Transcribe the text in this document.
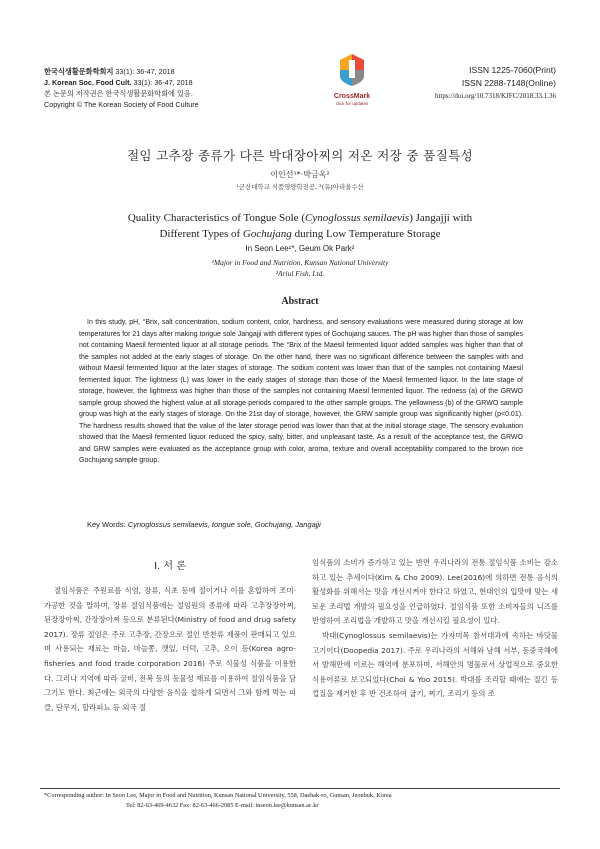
한국식생활문화학회지 33(1): 36-47, 2018
J. Korean Soc. Food Cult. 33(1): 36-47, 2018
본 논문의 저작권은 한국식생활문화학회에 있음.
Copyright © The Korean Society of Food Culture
CrossMark
click for updates
ISSN 1225-7060(Print)
ISSN 2288-7148(Online)
https://doi.org/10.7318/KJFC/2018.33.1.36
절임 고추장 종류가 다른 박대장아찌의 저온 저장 중 품질특성
이인선¹*·박금옥²
¹군산대학교 식품영양학전공, ²(유)아리울수산
Quality Characteristics of Tongue Sole (Cynoglossus semilaevis) Jangajji with
Different Types of Gochujang during Low Temperature Storage
In Seon Lee¹*, Geum Ok Park²
¹Major in Food and Nutrition, Kunsan National University
²Ariul Fish, Ltd.
Abstract
In this study, pH, °Brix, salt concentration, sodium content, color, hardness, and sensory evaluations were measured during storage at low temperatures for 21 days after making tongue sole Jangajji with different types of Gochujang sauces. The pH was higher than those of samples not containing Maesil fermented liquor at all storage periods. The °Brix of the Maesil fermented liquor added samples was higher than that of the samples not added at the early stages of storage. On the other hand, there was no significant difference between the samples with and without Maesil fermented liquor at the later stages of storage. The sodium content was lower than that of the samples not containing Maesil fermented liquor. The lightness (L) was lower in the early stages of storage than those of the Maesil fermented liquor. In the late stage of storage, however, the lightness was higher than those of the samples not containing Maesil fermented liquor. The redness (a) of the GRWO sample group showed the highest value at all storage periods compared to the other sample groups. The yellowness (b) of the GRWO sample group was high at the early stages of storage. On the 21st day of storage, however, the GRW sample group was significantly higher (p<0.01). The hardness results showed that the value of the later storage period was lower than that at the initial storage stage. The sensory evaluation showed that the Maesil fermented liquor reduced the spicy, salty, bitter, and unpleasant taste. As a result of the acceptance test, the GRWO and GRW samples were evaluated as the acceptance group with color, aroma, texture and overall acceptability compared to the brown rice Gochujang sample group.
Key Words: Cynoglossus semilaevis, tongue sole, Gochujang, Jangajji
I. 서 론
절임식품은 주원료를 식염, 장류, 식초 등에 절이거나 이를 혼합하여 조미·가공한 것을 말하며, 장류 절임식품에는 절임원의 종류에 따라 고추장장아찌, 된장장아찌, 간장장아찌 등으로 분류된다(Ministry of food and drug safety 2017). 장류 절임은 주로 고추장, 간장으로 절인 반찬류 제품이 판매되고 있으며 사용되는 재료는 마늘, 마늘쫑, 깻잎, 더덕, 고추, 오이 등(Korea agro-fisheries and food trade corporation 2016) 주로 식물성 식품을 이용한다. 그러나 지역에 따라 굴비, 전복 등의 동물성 재료를 이용하여 절임식품을 담그기도 한다. 최근에는 외국의 다양한 음식을 접하게 되면서 그와 함께 먹는 피클, 단무지, 할라피뇨 등 외국 절
임식품의 소비가 증가하고 있는 반면 우리나라의 전통 절임식품 소비는 감소하고 있는 추세이다(Kim & Cho 2009). Lee(2016)에 의하면 전통 음식의 활성화를 위해서는 맛을 개선시켜야 한다고 하였고, 현대인의 입맛에 맞는 새로운 조리법 개발의 필요성을 언급하였다. 절임식품 또한 소비자들의 니즈를 반영하여 조리법을 개발하고 맛을 개선시킬 필요성이 있다.
박대(Cynoglossus semilaevis)는 가자미목 참서대과에 속하는 바닷물고기이다(Doopedia 2017). 주로 우리나라의 서해와 남해 서부, 동중국해에서 발해만에 이르는 해역에 분포하며, 서해안의 명물로서 상업적으로 중요한 식용어류로 보고되었다(Choi & Yoo 2015). 박대를 조리할 때에는 질긴 등껍질을 제거한 후 반 건조하여 굽기, 찌기, 조리기 등의 조
*Corresponding author: In Seon Lee, Major in Food and Nutrition, Kunsan National University, 558, Daehak-ro, Gunsan, Jeonbuk, Korea
Tel: 82-63-469-4632 Fax: 82-63-466-2085 E-mail: inseon.lee@kunsan.ac.kr
